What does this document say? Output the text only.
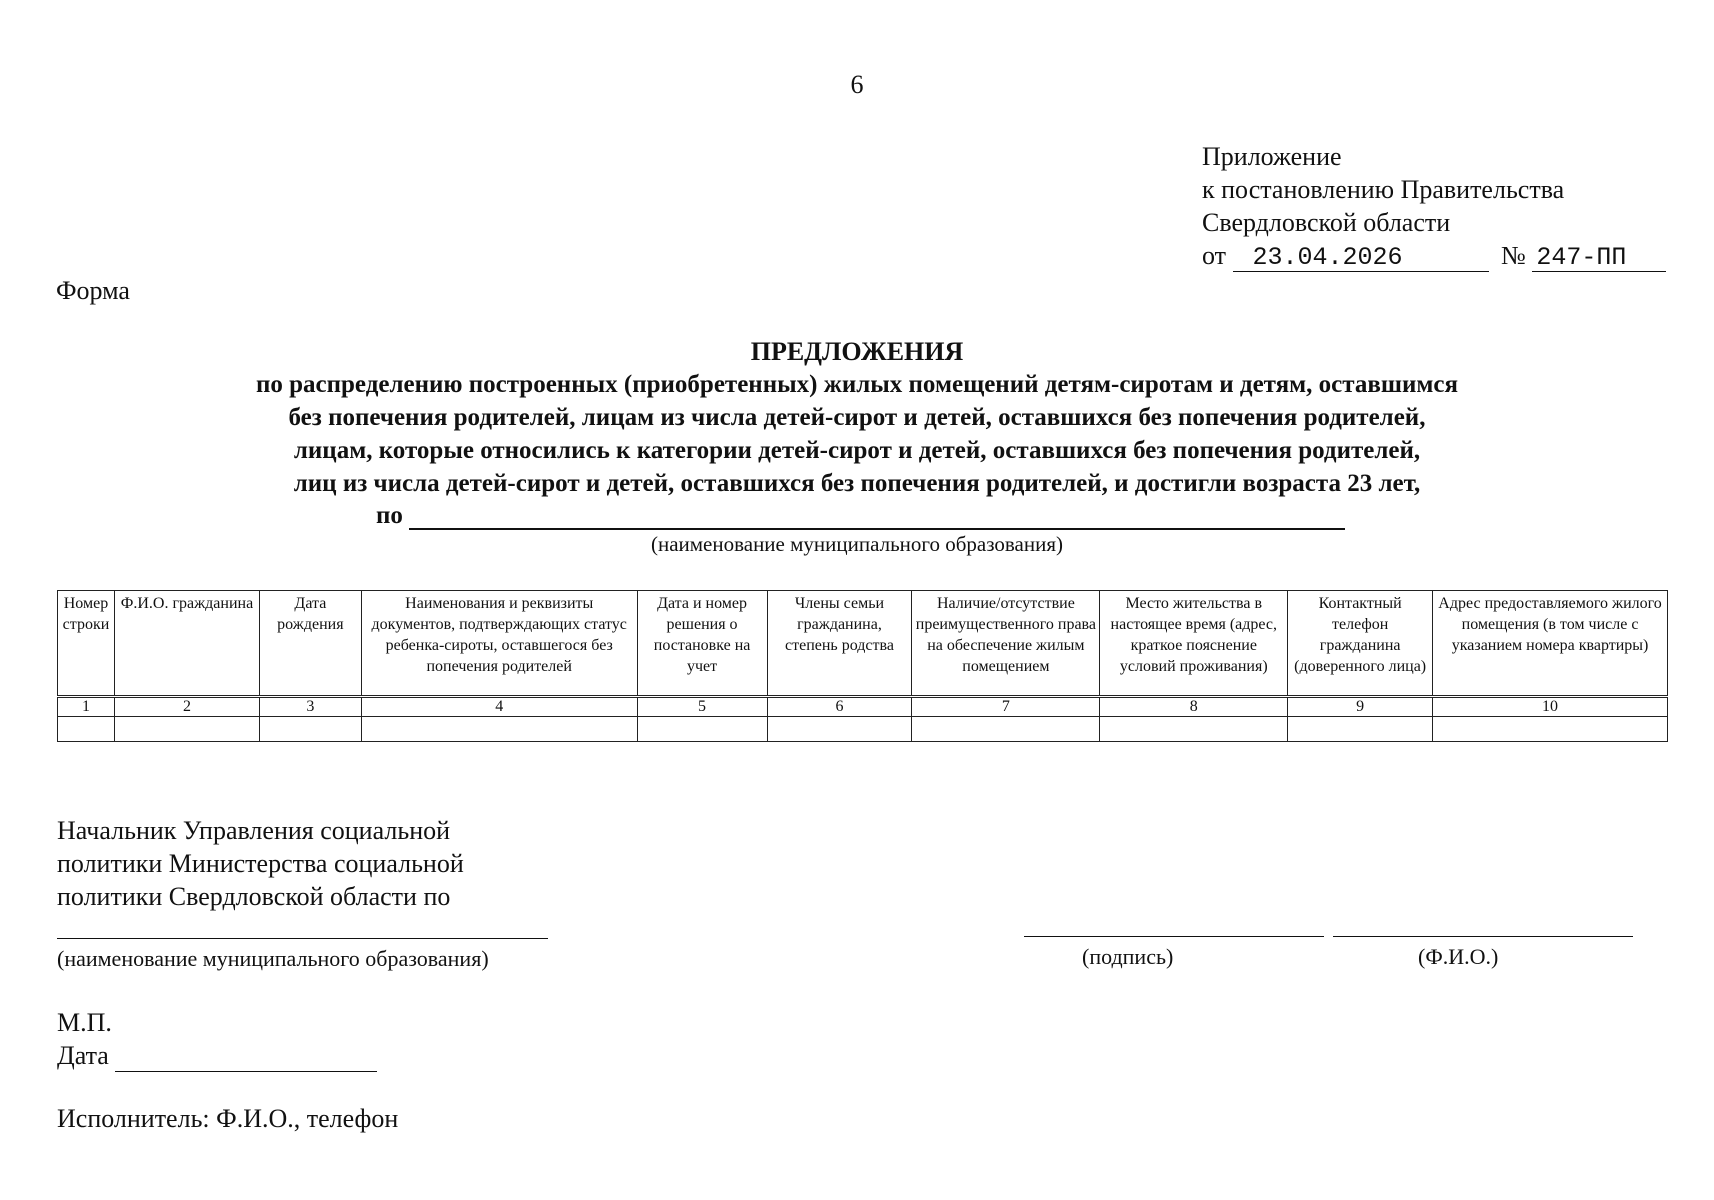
6
Приложение
к постановлению Правительства
Свердловской области
от 23.04.2026	№ 247-ПП
Форма
ПРЕДЛОЖЕНИЯ
по распределению построенных (приобретенных) жилых помещений детям-сиротам и детям, оставшимся
без попечения родителей, лицам из числа детей-сирот и детей, оставшихся без попечения родителей,
лицам, которые относились к категории детей-сирот и детей, оставшихся без попечения родителей,
лиц из числа детей-сирот и детей, оставшихся без попечения родителей, и достигли возраста 23 лет,
по
(наименование муниципального образования)
Номер строки	Ф.И.О. гражданина	Дата рождения	Наименования и реквизиты документов, подтверждающих статус ребенка-сироты, оставшегося без попечения родителей	Дата и номер решения о постановке на учет	Члены семьи гражданина, степень родства	Наличие/отсутствие преимущественного права на обеспечение жилым помещением	Место жительства в настоящее время (адрес, краткое пояснение условий проживания)	Контактный телефон гражданина (доверенного лица)	Адрес предоставляемого жилого помещения (в том числе с указанием номера квартиры)
1	2	3	4	5	6	7	8	9	10

Начальник Управления социальной
политики Министерства социальной
политики Свердловской области по
(наименование муниципального образования)	(подпись)	(Ф.И.О.)
М.П.
Дата
Исполнитель: Ф.И.О., телефон
